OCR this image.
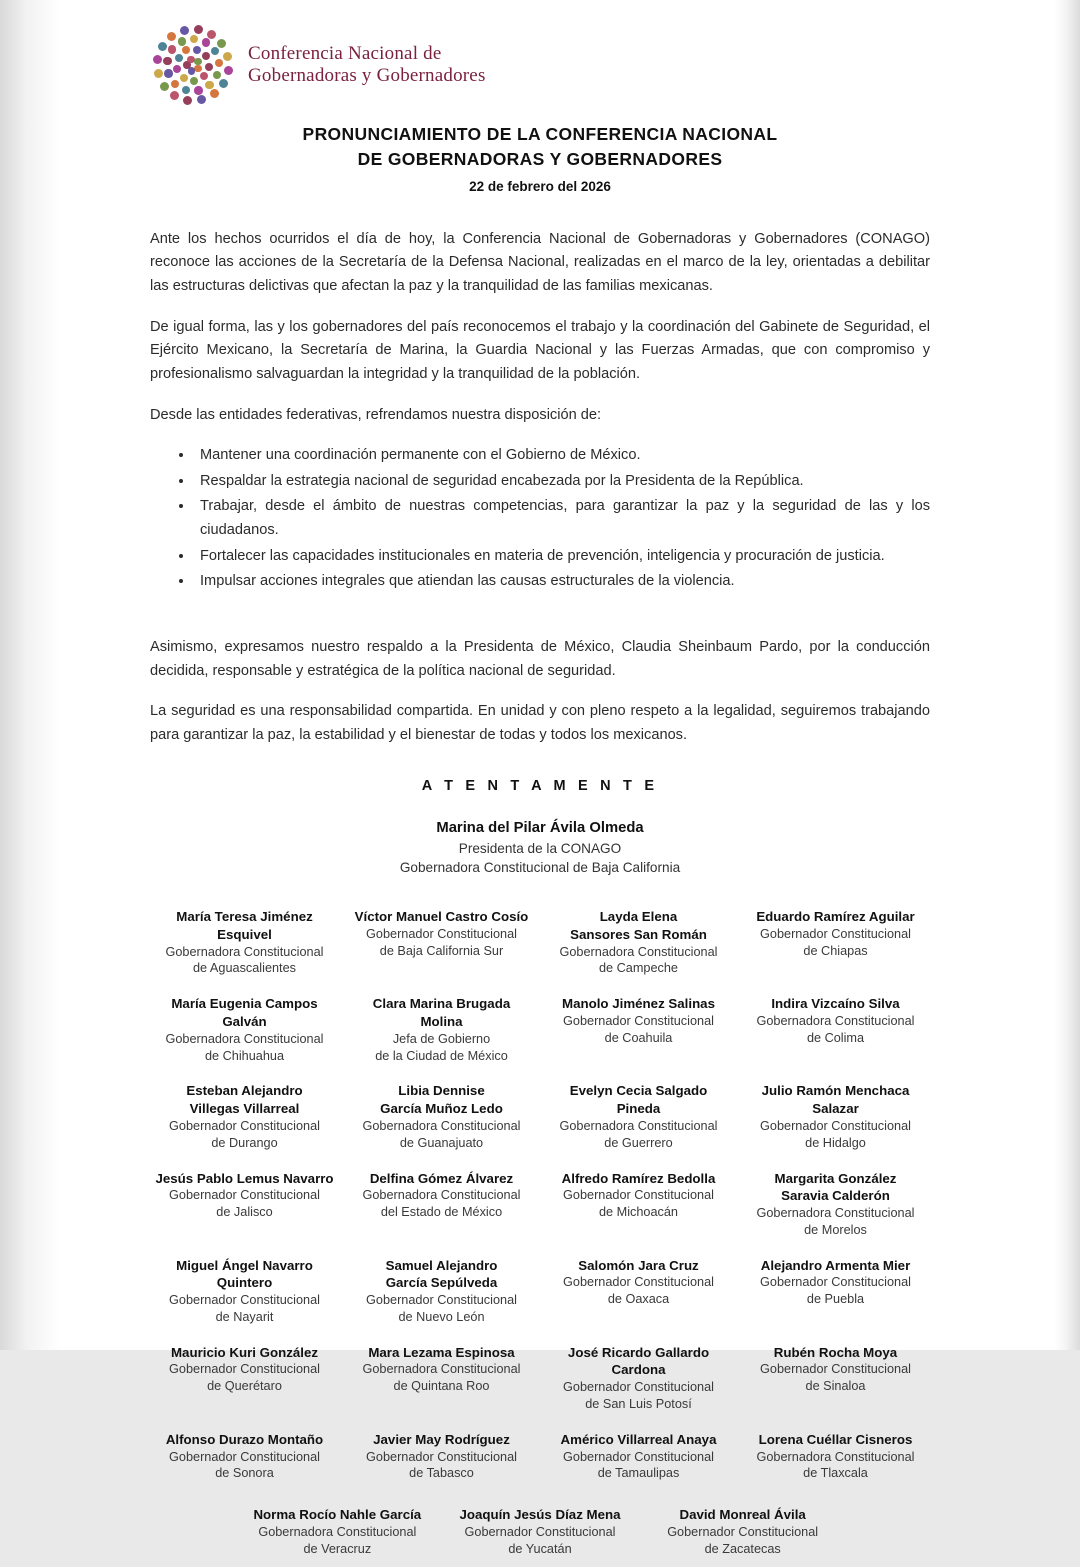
Conferencia Nacional de
Gobernadoras y Gobernadores
PRONUNCIAMIENTO DE LA CONFERENCIA NACIONAL
DE GOBERNADORAS Y GOBERNADORES
22 de febrero del 2026

Ante los hechos ocurridos el día de hoy, la Conferencia Nacional de Gobernadoras y Gobernadores (CONAGO) reconoce las acciones de la Secretaría de la Defensa Nacional, realizadas en el marco de la ley, orientadas a debilitar las estructuras delictivas que afectan la paz y la tranquilidad de las familias mexicanas.

De igual forma, las y los gobernadores del país reconocemos el trabajo y la coordinación del Gabinete de Seguridad, el Ejército Mexicano, la Secretaría de Marina, la Guardia Nacional y las Fuerzas Armadas, que con compromiso y profesionalismo salvaguardan la integridad y la tranquilidad de la población.

Desde las entidades federativas, refrendamos nuestra disposición de:

• Mantener una coordinación permanente con el Gobierno de México.
• Respaldar la estrategia nacional de seguridad encabezada por la Presidenta de la República.
• Trabajar, desde el ámbito de nuestras competencias, para garantizar la paz y la seguridad de las y los ciudadanos.
• Fortalecer las capacidades institucionales en materia de prevención, inteligencia y procuración de justicia.
• Impulsar acciones integrales que atiendan las causas estructurales de la violencia.

Asimismo, expresamos nuestro respaldo a la Presidenta de México, Claudia Sheinbaum Pardo, por la conducción decidida, responsable y estratégica de la política nacional de seguridad.

La seguridad es una responsabilidad compartida. En unidad y con pleno respeto a la legalidad, seguiremos trabajando para garantizar la paz, la estabilidad y el bienestar de todas y todos los mexicanos.

A T E N T A M E N T E
Marina del Pilar Ávila Olmeda
Presidenta de la CONAGO
Gobernadora Constitucional de Baja California
María Teresa Jiménez Esquivel
Gobernadora Constitucional
de Aguascalientes
Víctor Manuel Castro Cosío
Gobernador Constitucional
de Baja California Sur
Layda Elena
Sansores San Román
Gobernadora Constitucional
de Campeche
Eduardo Ramírez Aguilar
Gobernador Constitucional
de Chiapas
María Eugenia Campos Galván
Gobernadora Constitucional
de Chihuahua
Clara Marina Brugada Molina
Jefa de Gobierno
de la Ciudad de México
Manolo Jiménez Salinas
Gobernador Constitucional
de Coahuila
Indira Vizcaíno Silva
Gobernadora Constitucional
de Colima
Esteban Alejandro
Villegas Villarreal
Gobernador Constitucional
de Durango
Libia Dennise
García Muñoz Ledo
Gobernadora Constitucional
de Guanajuato
Evelyn Cecia Salgado Pineda
Gobernadora Constitucional
de Guerrero
Julio Ramón Menchaca Salazar
Gobernador Constitucional
de Hidalgo
Jesús Pablo Lemus Navarro
Gobernador Constitucional
de Jalisco
Delfina Gómez Álvarez
Gobernadora Constitucional
del Estado de México
Alfredo Ramírez Bedolla
Gobernador Constitucional
de Michoacán
Margarita González
Saravia Calderón
Gobernadora Constitucional
de Morelos
Miguel Ángel Navarro Quintero
Gobernador Constitucional
de Nayarit
Samuel Alejandro
García Sepúlveda
Gobernador Constitucional
de Nuevo León
Salomón Jara Cruz
Gobernador Constitucional
de Oaxaca
Alejandro Armenta Mier
Gobernador Constitucional
de Puebla
Mauricio Kuri González
Gobernador Constitucional
de Querétaro
Mara Lezama Espinosa
Gobernadora Constitucional
de Quintana Roo
José Ricardo Gallardo Cardona
Gobernador Constitucional
de San Luis Potosí
Rubén Rocha Moya
Gobernador Constitucional
de Sinaloa
Alfonso Durazo Montaño
Gobernador Constitucional
de Sonora
Javier May Rodríguez
Gobernador Constitucional
de Tabasco
Américo Villarreal Anaya
Gobernador Constitucional
de Tamaulipas
Lorena Cuéllar Cisneros
Gobernadora Constitucional
de Tlaxcala
Norma Rocío Nahle García
Gobernadora Constitucional
de Veracruz
Joaquín Jesús Díaz Mena
Gobernador Constitucional
de Yucatán
David Monreal Ávila
Gobernador Constitucional
de Zacatecas
